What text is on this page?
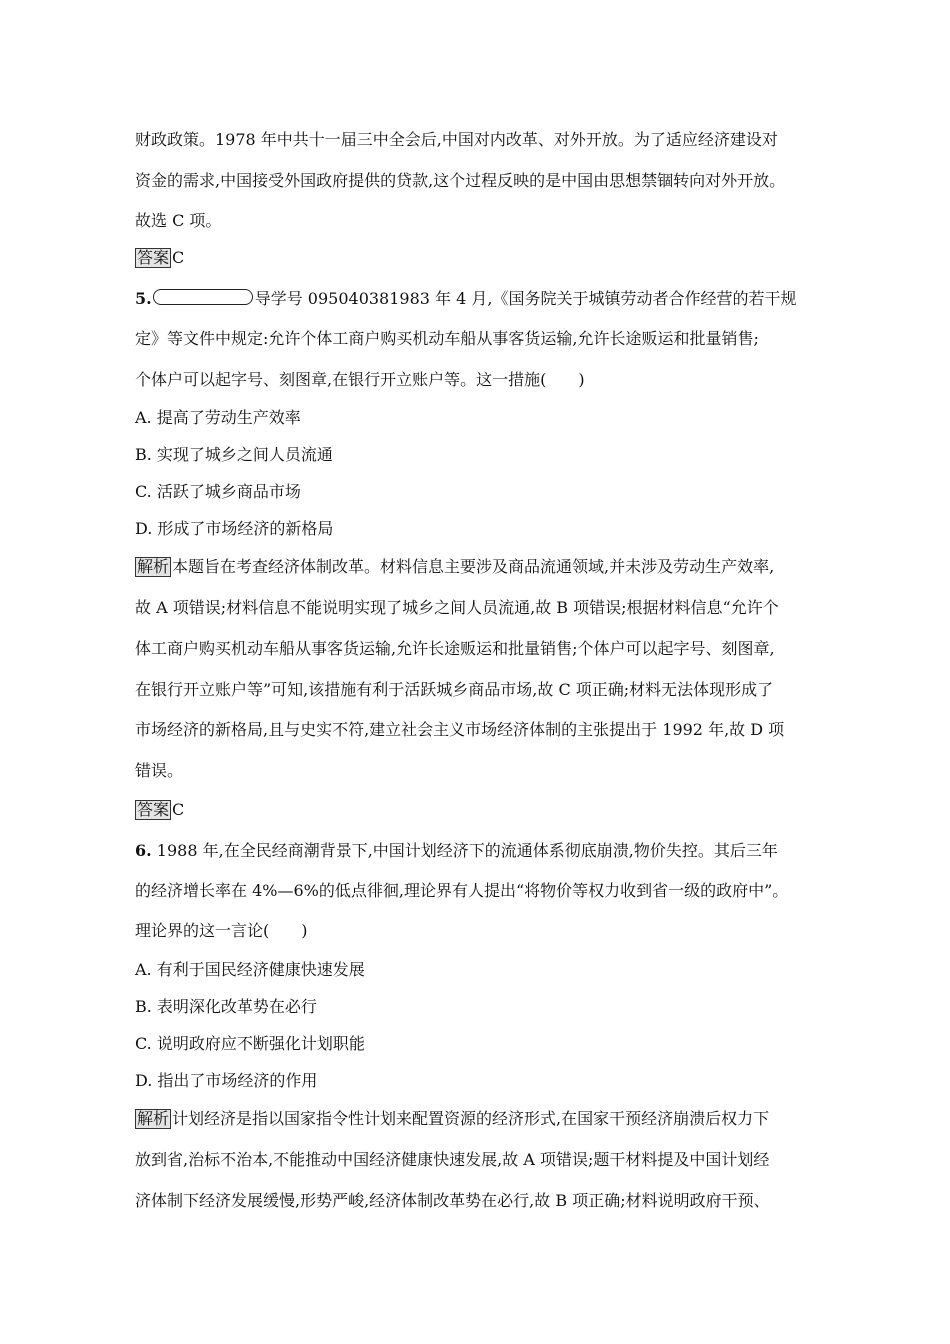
财政政策。1978 年中共十一届三中全会后,中国对内改革、对外开放。为了适应经济建设对
资金的需求,中国接受外国政府提供的贷款,这个过程反映的是中国由思想禁锢转向对外开放。
故选 C 项。
答案 C
5.	导学号 095040381983 年 4 月,《国务院关于城镇劳动者合作经营的若干规
定》等文件中规定:允许个体工商户购买机动车船从事客货运输,允许长途贩运和批量销售;
个体户可以起字号、刻图章,在银行开立账户等。这一措施(　　)
A. 提高了劳动生产效率
B. 实现了城乡之间人员流通
C. 活跃了城乡商品市场
D. 形成了市场经济的新格局
解析 本题旨在考查经济体制改革。材料信息主要涉及商品流通领域,并未涉及劳动生产效率,
故 A 项错误;材料信息不能说明实现了城乡之间人员流通,故 B 项错误;根据材料信息“允许个
体工商户购买机动车船从事客货运输,允许长途贩运和批量销售;个体户可以起字号、刻图章,
在银行开立账户等”可知,该措施有利于活跃城乡商品市场,故 C 项正确;材料无法体现形成了
市场经济的新格局,且与史实不符,建立社会主义市场经济体制的主张提出于 1992 年,故 D 项
错误。
答案 C
6. 1988 年,在全民经商潮背景下,中国计划经济下的流通体系彻底崩溃,物价失控。其后三年
的经济增长率在 4%—6%的低点徘徊,理论界有人提出“将物价等权力收到省一级的政府中”。
理论界的这一言论(　　)
A. 有利于国民经济健康快速发展
B. 表明深化改革势在必行
C. 说明政府应不断强化计划职能
D. 指出了市场经济的作用
解析 计划经济是指以国家指令性计划来配置资源的经济形式,在国家干预经济崩溃后权力下
放到省,治标不治本,不能推动中国经济健康快速发展,故 A 项错误;题干材料提及中国计划经
济体制下经济发展缓慢,形势严峻,经济体制改革势在必行,故 B 项正确;材料说明政府干预、
